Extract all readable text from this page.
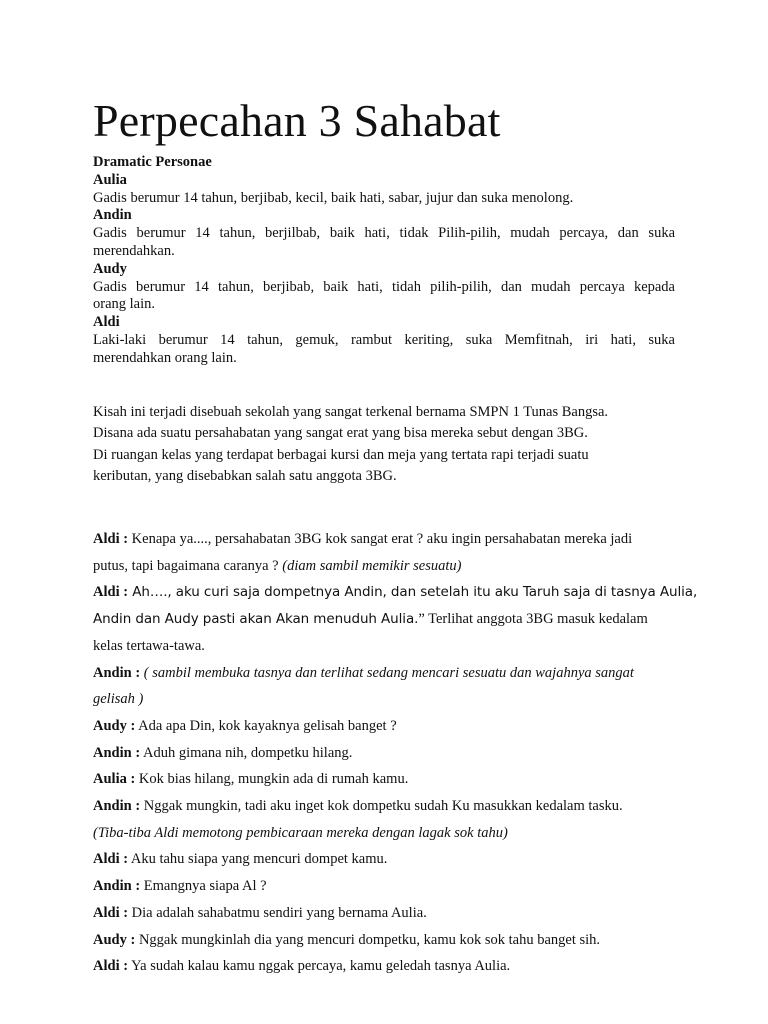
Perpecahan 3 Sahabat
Dramatic Personae
Aulia
Gadis berumur 14 tahun, berjibab, kecil, baik hati, sabar, jujur dan suka menolong.
Andin
Gadis berumur 14 tahun, berjilbab, baik hati, tidak Pilih-pilih, mudah percaya, dan suka
merendahkan.
Audy
Gadis berumur 14 tahun, berjibab, baik hati, tidah pilih-pilih, dan mudah percaya kepada
orang lain.
Aldi
Laki-laki berumur 14 tahun, gemuk, rambut keriting, suka Memfitnah, iri hati, suka
merendahkan orang lain.
Kisah ini terjadi disebuah sekolah yang sangat terkenal bernama SMPN 1 Tunas Bangsa.
Disana ada suatu persahabatan yang sangat erat yang bisa mereka sebut dengan 3BG.
Di ruangan kelas yang terdapat berbagai kursi dan meja yang tertata rapi terjadi suatu
keributan, yang disebabkan salah satu anggota 3BG.
Aldi : Kenapa ya...., persahabatan 3BG kok sangat erat ? aku ingin persahabatan mereka jadi
putus, tapi bagaimana caranya ? (diam sambil memikir sesuatu)
Aldi : Ah…., aku curi saja dompetnya Andin, dan setelah itu aku Taruh saja di tasnya Aulia,
Andin dan Audy pasti akan Akan menuduh Aulia.” Terlihat anggota 3BG masuk kedalam
kelas tertawa-tawa.
Andin : ( sambil membuka tasnya dan terlihat sedang mencari sesuatu dan wajahnya sangat
gelisah )
Audy : Ada apa Din, kok kayaknya gelisah banget ?
Andin : Aduh gimana nih, dompetku hilang.
Aulia : Kok bias hilang, mungkin ada di rumah kamu.
Andin : Nggak mungkin, tadi aku inget kok dompetku sudah Ku masukkan kedalam tasku.
(Tiba-tiba Aldi memotong pembicaraan mereka dengan lagak sok tahu)
Aldi : Aku tahu siapa yang mencuri dompet kamu.
Andin : Emangnya siapa Al ?
Aldi : Dia adalah sahabatmu sendiri yang bernama Aulia.
Audy : Nggak mungkinlah dia yang mencuri dompetku, kamu kok sok tahu banget sih.
Aldi : Ya sudah kalau kamu nggak percaya, kamu geledah tasnya Aulia.
